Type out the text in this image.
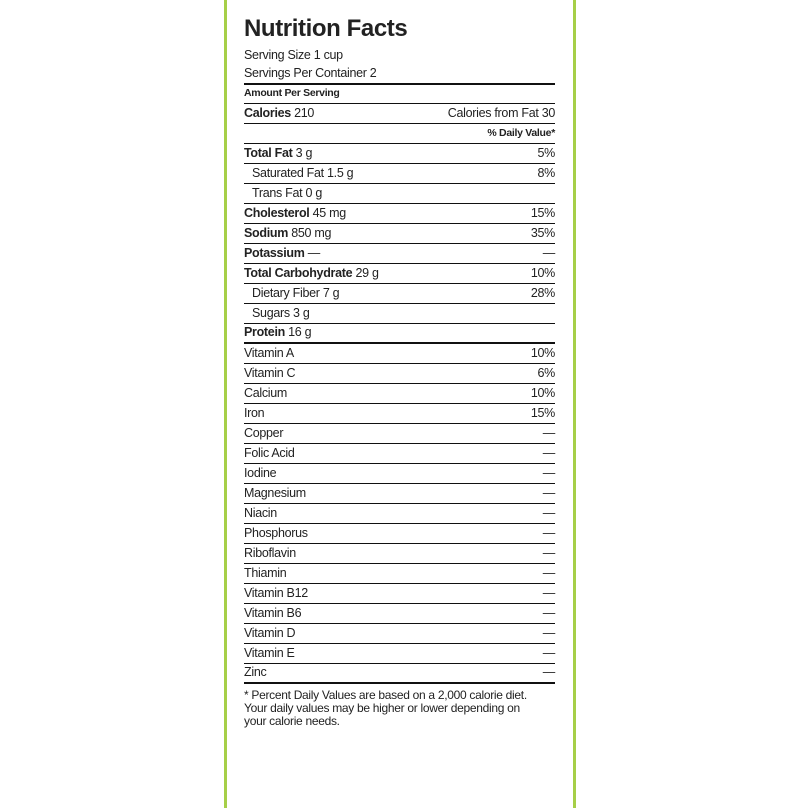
Nutrition Facts
Serving Size 1 cup
Servings Per Container 2
Amount Per Serving
Calories 210	Calories from Fat 30
% Daily Value*
Total Fat 3 g	5%
Saturated Fat 1.5 g	8%
Trans Fat 0 g
Cholesterol 45 mg	15%
Sodium 850 mg	35%
Potassium —	—
Total Carbohydrate 29 g	10%
Dietary Fiber 7 g	28%
Sugars 3 g
Protein 16 g
Vitamin A	10%
Vitamin C	6%
Calcium	10%
Iron	15%
Copper	—
Folic Acid	—
Iodine	—
Magnesium	—
Niacin	—
Phosphorus	—
Riboflavin	—
Thiamin	—
Vitamin B12	—
Vitamin B6	—
Vitamin D	—
Vitamin E	—
Zinc	—
* Percent Daily Values are based on a 2,000 calorie diet. Your daily values may be higher or lower depending on your calorie needs.
